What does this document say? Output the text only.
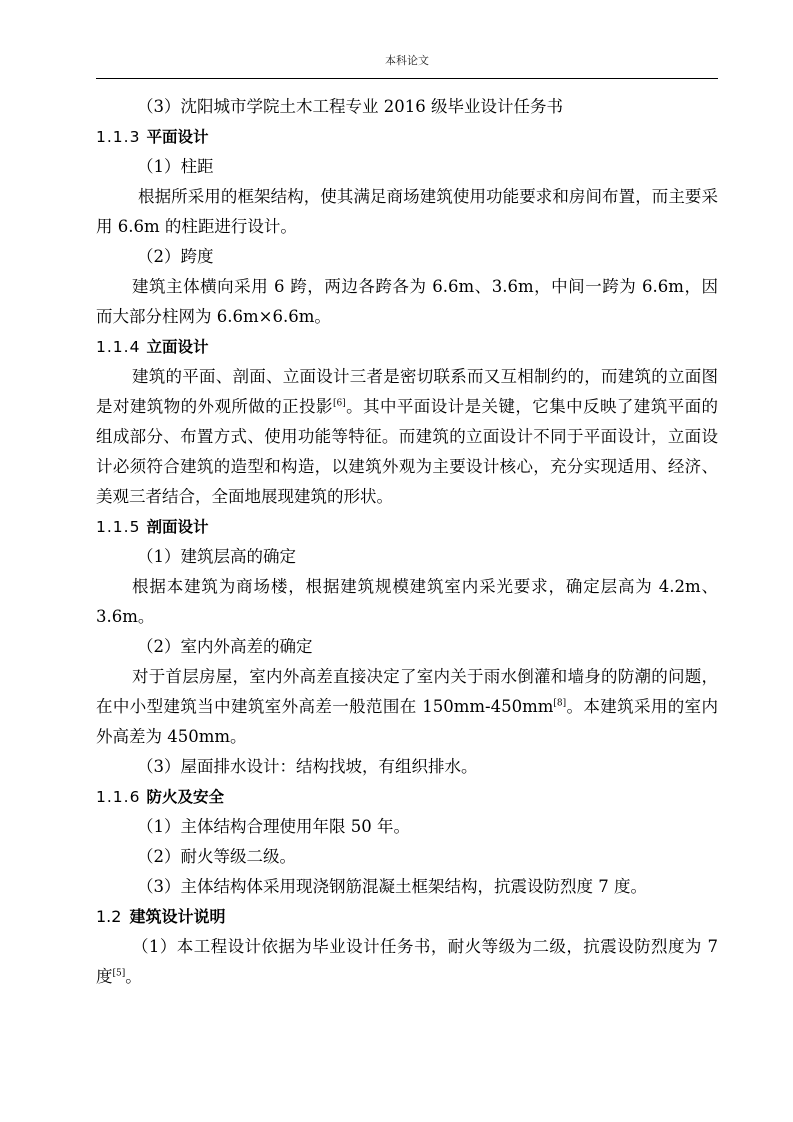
本科论文
（3）沈阳城市学院土木工程专业 2016 级毕业设计任务书
1.1.3 平面设计
（1）柱距
根据所采用的框架结构，使其满足商场建筑使用功能要求和房间布置，而主要采用 6.6m 的柱距进行设计。
（2）跨度
建筑主体横向采用 6 跨，两边各跨各为 6.6m、3.6m，中间一跨为 6.6m，因而大部分柱网为 6.6m×6.6m。
1.1.4 立面设计
建筑的平面、剖面、立面设计三者是密切联系而又互相制约的，而建筑的立面图是对建筑物的外观所做的正投影[6]。其中平面设计是关键，它集中反映了建筑平面的组成部分、布置方式、使用功能等特征。而建筑的立面设计不同于平面设计，立面设计必须符合建筑的造型和构造，以建筑外观为主要设计核心，充分实现适用、经济、美观三者结合，全面地展现建筑的形状。
1.1.5 剖面设计
（1）建筑层高的确定
根据本建筑为商场楼，根据建筑规模建筑室内采光要求，确定层高为 4.2m、3.6m。
（2）室内外高差的确定
对于首层房屋，室内外高差直接决定了室内关于雨水倒灌和墙身的防潮的问题，在中小型建筑当中建筑室外高差一般范围在 150mm-450mm[8]。本建筑采用的室内外高差为 450mm。
（3）屋面排水设计：结构找坡，有组织排水。
1.1.6 防火及安全
（1）主体结构合理使用年限 50 年。
（2）耐火等级二级。
（3）主体结构体采用现浇钢筋混凝土框架结构，抗震设防烈度 7 度。
1.2 建筑设计说明
（1）本工程设计依据为毕业设计任务书，耐火等级为二级，抗震设防烈度为 7 度[5]。
